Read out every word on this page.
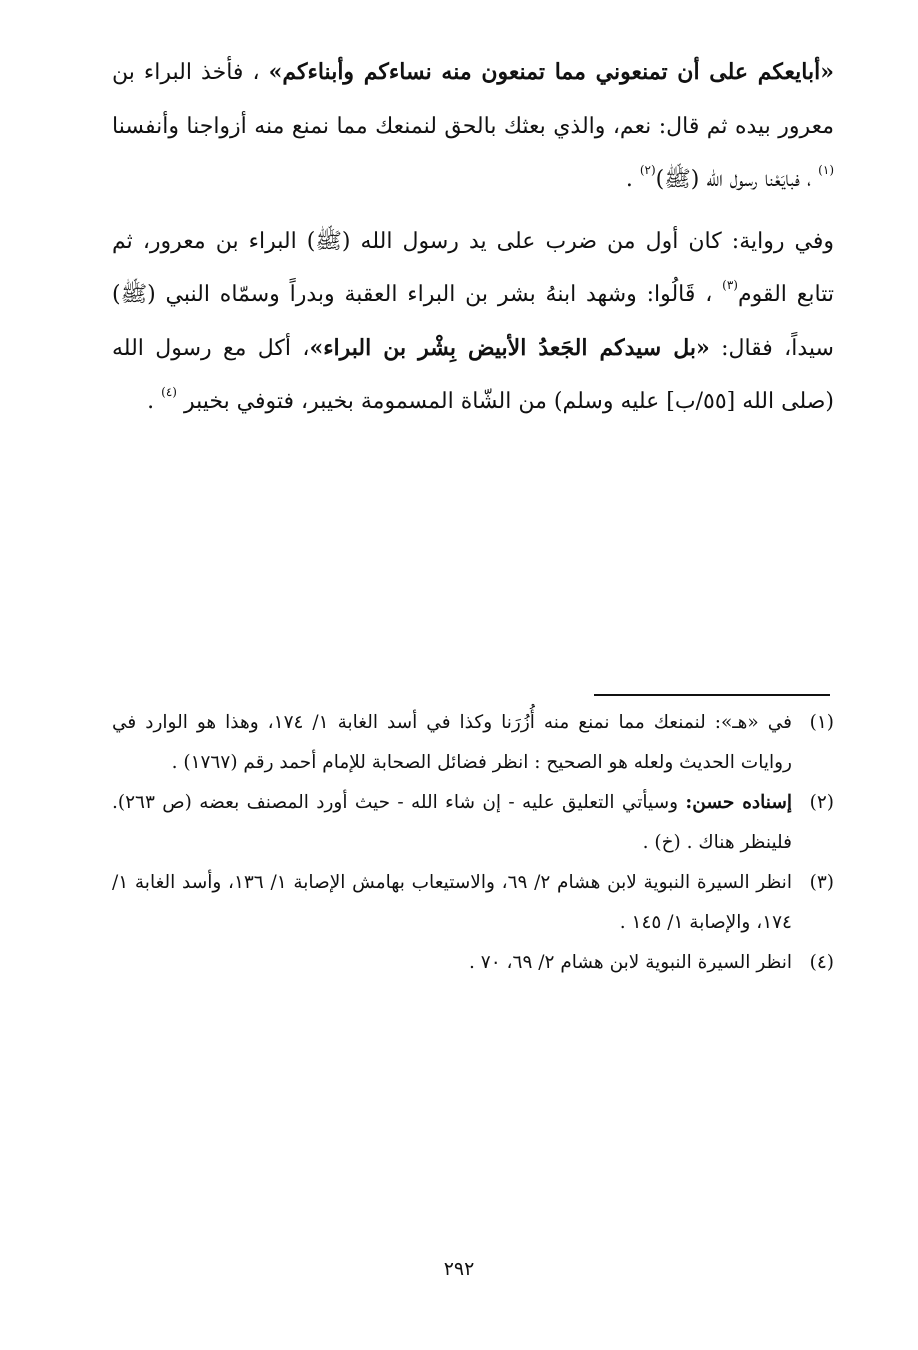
«أبايعكم على أن تمنعوني مما تمنعون منه نساءكم وأبناءكم» ، فأخذ البراء بن معرور بيده ثم قال: نعم، والذي بعثك بالحق لنمنعك مما نمنع منه أزواجنا وأنفسنا $^{(١)}$ ، فبايَعْنا رسول الله (ﷺ)$^{(٢)}$ .

وفي رواية: كان أول من ضرب على يد رسول الله (ﷺ) البراء بن معرور، ثم تتابع القوم$^{(٣)}$ ، قَالُوا: وشهد ابنهُ بشر بن البراء العقبة وبدراً وسمّاه النبي (ﷺ) سيداً، فقال: «بل سيدكم الجَعدُ الأبيض بِشْر بن البراء»، أكل مع رسول الله (صلى الله [٥٥/ب] عليه وسلم) من الشّاة المسمومة بخيبر، فتوفي بخيبر $^{(٤)}$ .

(١)
في «هـ»: لنمنعك مما نمنع منه أُزُرَنا وكذا في أسد الغابة ١/ ١٧٤، وهذا هو الوارد في روايات الحديث ولعله هو الصحيح : انظر فضائل الصحابة للإمام أحمد رقم (١٧٦٧) .
(٢)
إسناده حسن: وسيأتي التعليق عليه - إن شاء الله - حيث أورد المصنف بعضه (ص ٢٦٣). فلينظر هناك . (خ) .
(٣)
انظر السيرة النبوية لابن هشام ٢/ ٦٩، والاستيعاب بهامش الإصابة ١/ ١٣٦، وأسد الغابة ١/ ١٧٤، والإصابة ١/ ١٤٥ .
(٤)
انظر السيرة النبوية لابن هشام ٢/ ٦٩، ٧٠ .
٢٩٢
